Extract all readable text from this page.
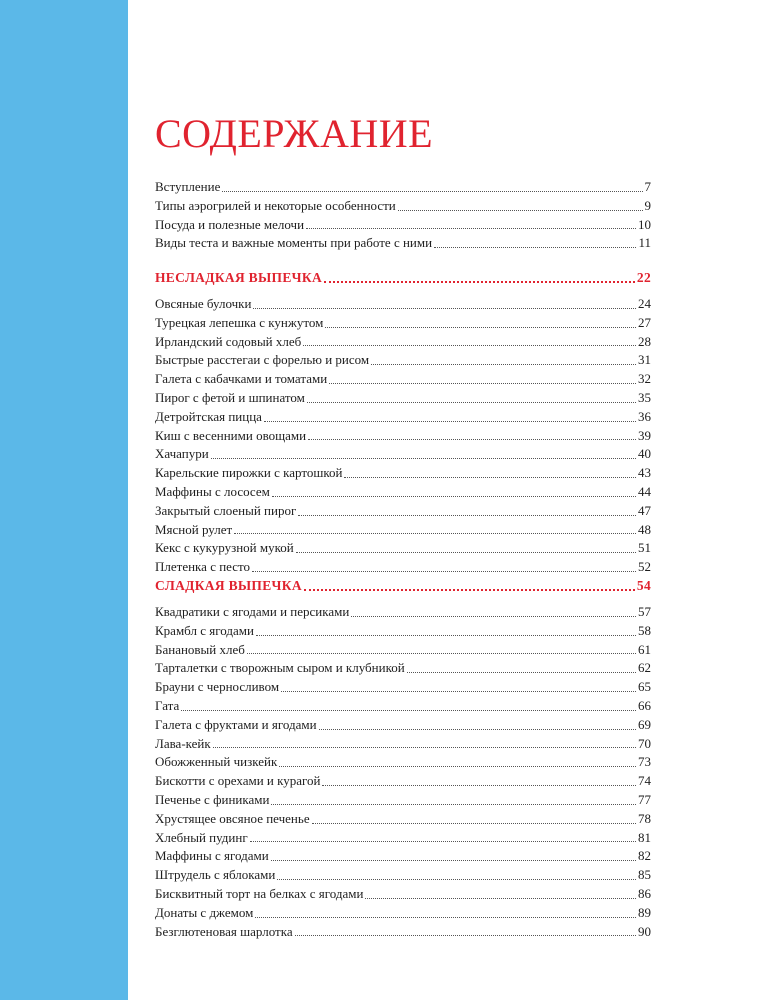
СОДЕРЖАНИЕ
Вступление	7
Типы аэрогрилей и некоторые особенности	9
Посуда и полезные мелочи	10
Виды теста и важные моменты при работе с ними	11
НЕСЛАДКАЯ ВЫПЕЧКА	22
Овсяные булочки	24
Турецкая лепешка с кунжутом	27
Ирландский содовый хлеб	28
Быстрые расстегаи с форелью и рисом	31
Галета с кабачками и томатами	32
Пирог с фетой и шпинатом	35
Детройтская пицца	36
Киш с весенними овощами	39
Хачапури	40
Карельские пирожки с картошкой	43
Маффины с лососем	44
Закрытый слоеный пирог	47
Мясной рулет	48
Кекс с кукурузной мукой	51
Плетенка с песто	52
СЛАДКАЯ ВЫПЕЧКА	54
Квадратики с ягодами и персиками	57
Крамбл с ягодами	58
Банановый хлеб	61
Тарталетки с творожным сыром и клубникой	62
Брауни с черносливом	65
Гата	66
Галета с фруктами и ягодами	69
Лава-кейк	70
Обожженный чизкейк	73
Бискотти с орехами и курагой	74
Печенье с финиками	77
Хрустящее овсяное печенье	78
Хлебный пудинг	81
Маффины с ягодами	82
Штрудель с яблоками	85
Бисквитный торт на белках с ягодами	86
Донаты с джемом	89
Безглютеновая шарлотка	90
